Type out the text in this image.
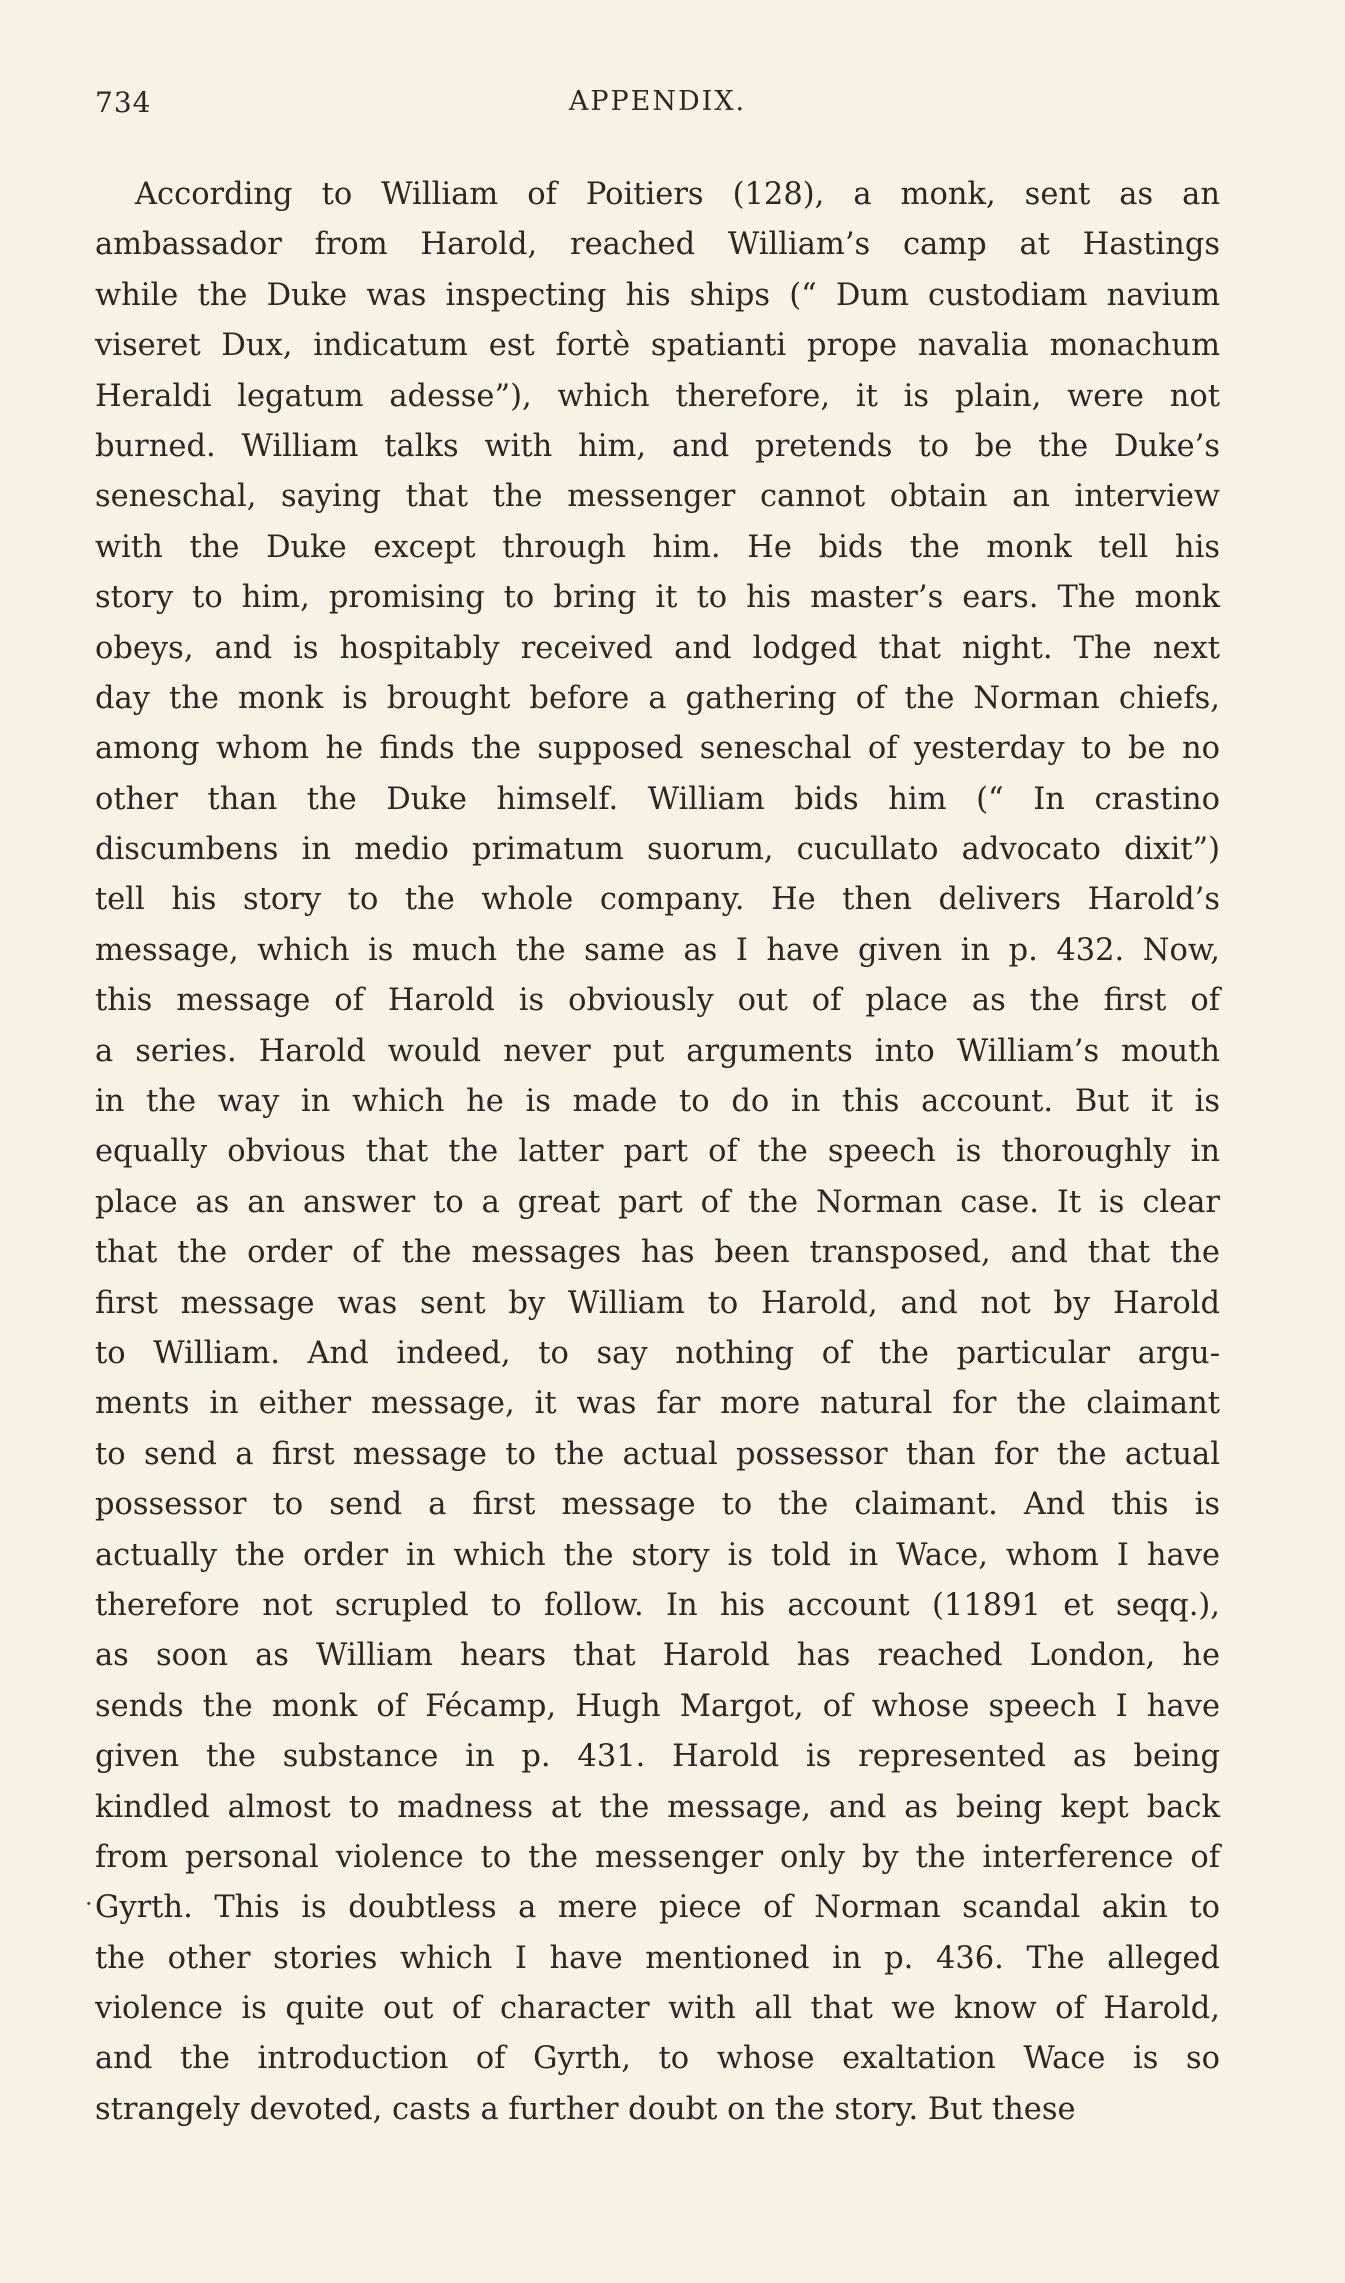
734	APPENDIX.
According to William of Poitiers (128), a monk, sent as an
ambassador from Harold, reached William’s camp at Hastings
while the Duke was inspecting his ships (“ Dum custodiam navium
viseret Dux, indicatum est fortè spatianti prope navalia monachum
Heraldi legatum adesse”), which therefore, it is plain, were not
burned. William talks with him, and pretends to be the Duke’s
seneschal, saying that the messenger cannot obtain an interview
with the Duke except through him. He bids the monk tell his
story to him, promising to bring it to his master’s ears. The monk
obeys, and is hospitably received and lodged that night. The next
day the monk is brought before a gathering of the Norman chiefs,
among whom he finds the supposed seneschal of yesterday to be no
other than the Duke himself. William bids him (“ In crastino
discumbens in medio primatum suorum, cucullato advocato dixit”)
tell his story to the whole company. He then delivers Harold’s
message, which is much the same as I have given in p. 432. Now,
this message of Harold is obviously out of place as the first of
a series. Harold would never put arguments into William’s mouth
in the way in which he is made to do in this account. But it is
equally obvious that the latter part of the speech is thoroughly in
place as an answer to a great part of the Norman case. It is clear
that the order of the messages has been transposed, and that the
first message was sent by William to Harold, and not by Harold
to William. And indeed, to say nothing of the particular argu-
ments in either message, it was far more natural for the claimant
to send a first message to the actual possessor than for the actual
possessor to send a first message to the claimant. And this is
actually the order in which the story is told in Wace, whom I have
therefore not scrupled to follow. In his account (11891 et seqq.),
as soon as William hears that Harold has reached London, he
sends the monk of Fécamp, Hugh Margot, of whose speech I have
given the substance in p. 431. Harold is represented as being
kindled almost to madness at the message, and as being kept back
from personal violence to the messenger only by the interference of
Gyrth. This is doubtless a mere piece of Norman scandal akin to
the other stories which I have mentioned in p. 436. The alleged
violence is quite out of character with all that we know of Harold,
and the introduction of Gyrth, to whose exaltation Wace is so
strangely devoted, casts a further doubt on the story. But these
·
